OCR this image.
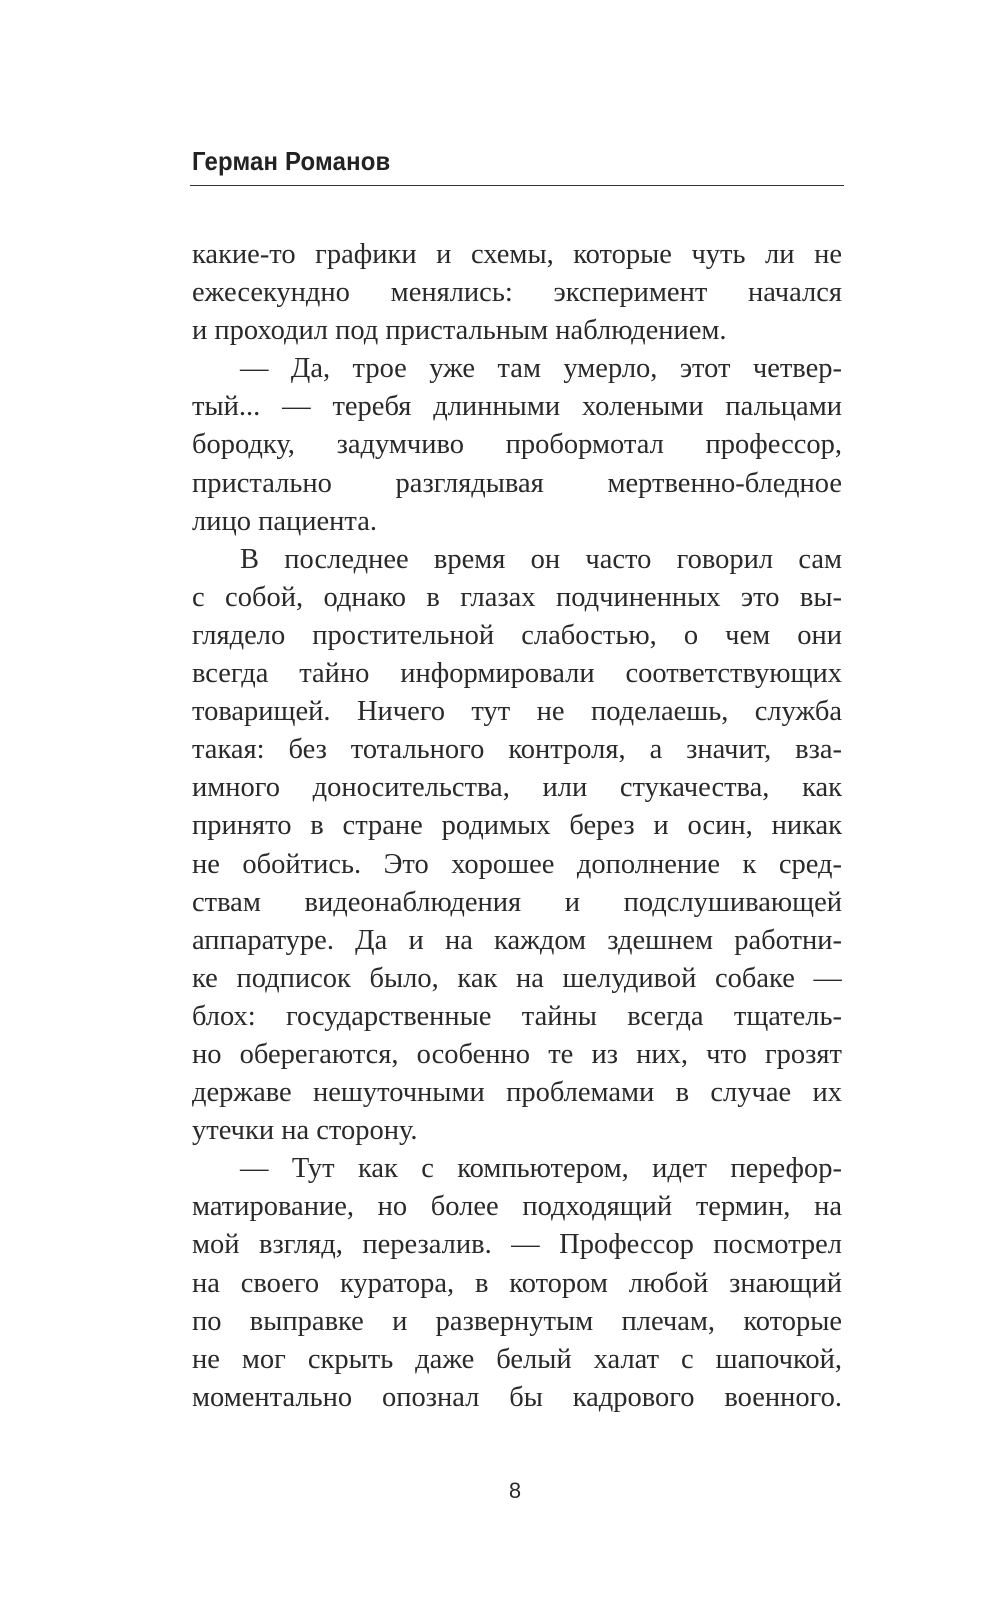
Герман Романов
какие-то графики и схемы, которые чуть ли не
ежесекундно менялись: эксперимент начался
и проходил под пристальным наблюдением.
— Да, трое уже там умерло, этот четвер-
тый... — теребя длинными холеными пальцами
бородку, задумчиво пробормотал профессор,
пристально разглядывая мертвенно-бледное
лицо пациента.
В последнее время он часто говорил сам
с собой, однако в глазах подчиненных это вы-
глядело простительной слабостью, о чем они
всегда тайно информировали соответствующих
товарищей. Ничего тут не поделаешь, служба
такая: без тотального контроля, а значит, вза-
имного доносительства, или стукачества, как
принято в стране родимых берез и осин, никак
не обойтись. Это хорошее дополнение к сред-
ствам видеонаблюдения и подслушивающей
аппаратуре. Да и на каждом здешнем работни-
ке подписок было, как на шелудивой собаке —
блох: государственные тайны всегда тщатель-
но оберегаются, особенно те из них, что грозят
державе нешуточными проблемами в случае их
утечки на сторону.
— Тут как с компьютером, идет перефор-
матирование, но более подходящий термин, на
мой взгляд, перезалив. — Профессор посмотрел
на своего куратора, в котором любой знающий
по выправке и развернутым плечам, которые
не мог скрыть даже белый халат с шапочкой,
моментально опознал бы кадрового военного.
8
